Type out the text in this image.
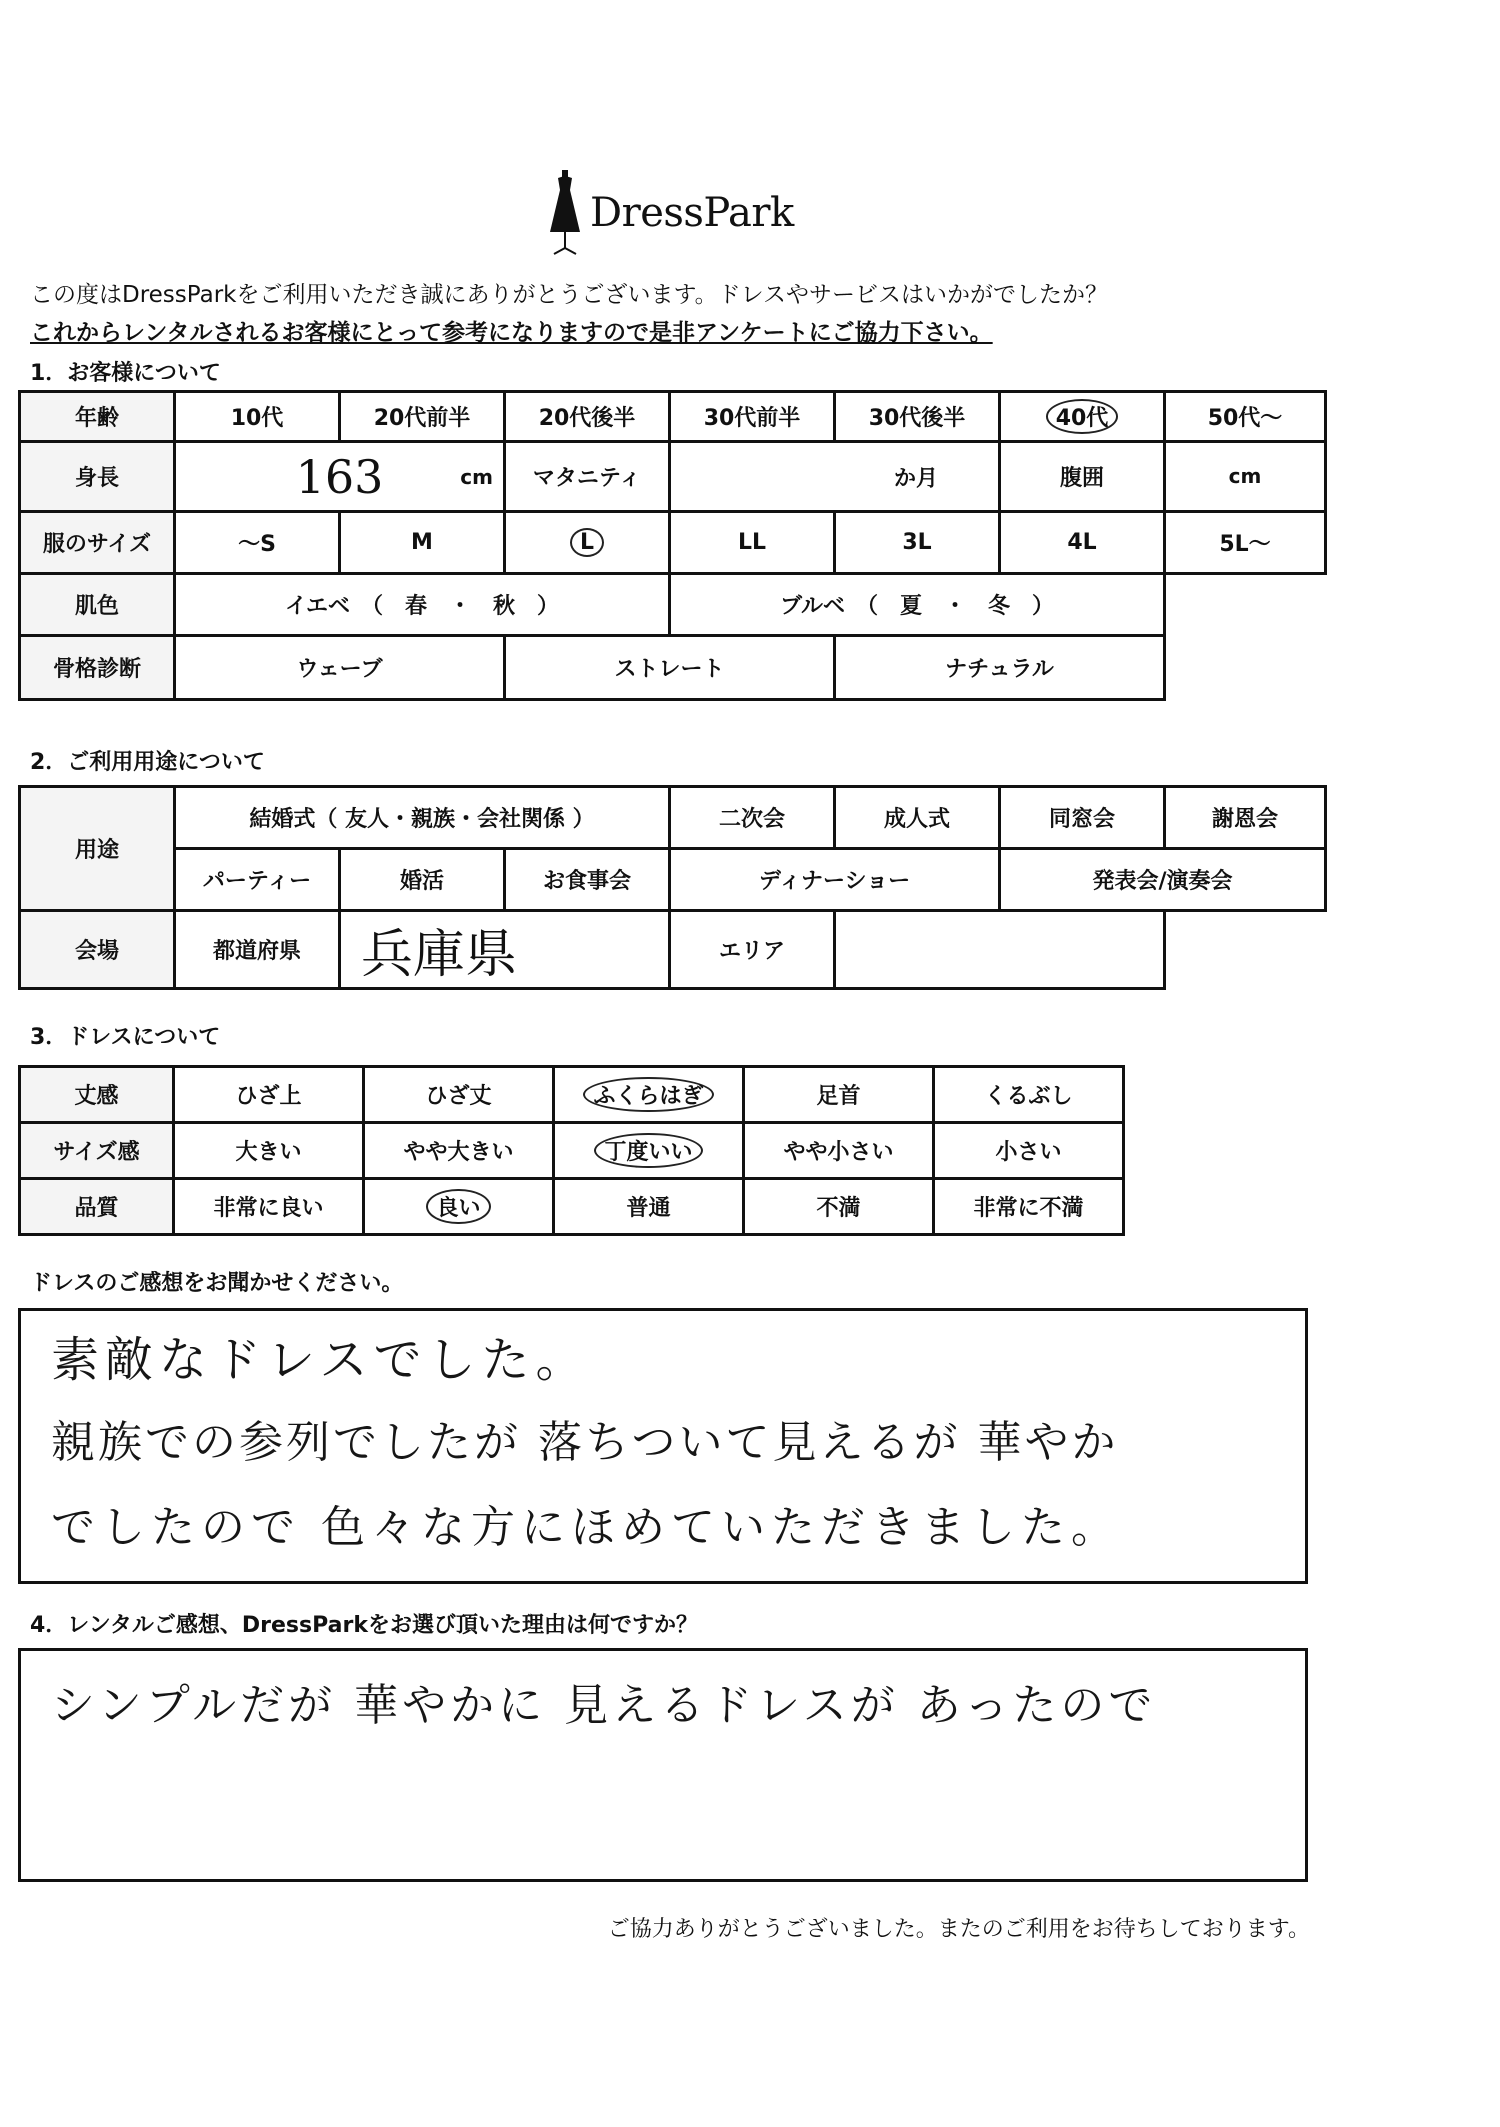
DressPark
この度はDressParkをご利用いただき誠にありがとうございます。ドレスやサービスはいかがでしたか？
これからレンタルされるお客様にとって参考になりますので是非アンケートにご協力下さい。
1．お客様について
年齢	10代	20代前半	20代後半	30代前半	30代後半	40代	50代～
身長	163 cm		マタニティ	か月		腹囲	cm
服のサイズ	～S	M	L	LL	3L	4L	5L～
肌色	イエベ　（　春　・　秋　）			ブルベ　（　夏　・　冬　）			
骨格診断	ウェーブ		ストレート		ナチュラル		
2．ご利用用途について
用途	結婚式（ 友人・親族・会社関係 ）			二次会	成人式	同窓会	謝恩会
	パーティー	婚活	お食事会	ディナーショー		発表会/演奏会	
会場	都道府県	兵庫県		エリア			
3．ドレスについて
丈感	ひざ上	ひざ丈	ふくらはぎ	足首	くるぶし
サイズ感	大きい	やや大きい	丁度いい	やや小さい	小さい
品質	非常に良い	良い	普通	不満	非常に不満
ドレスのご感想をお聞かせください。
素敵なドレスでした。
親族での参列でしたが 落ちついて見えるが 華やか
でしたので 色々な方にほめていただきました。
4．レンタルご感想、DressParkをお選び頂いた理由は何ですか？
シンプルだが 華やかに 見えるドレスが あったので
ご協力ありがとうございました。またのご利用をお待ちしております。
